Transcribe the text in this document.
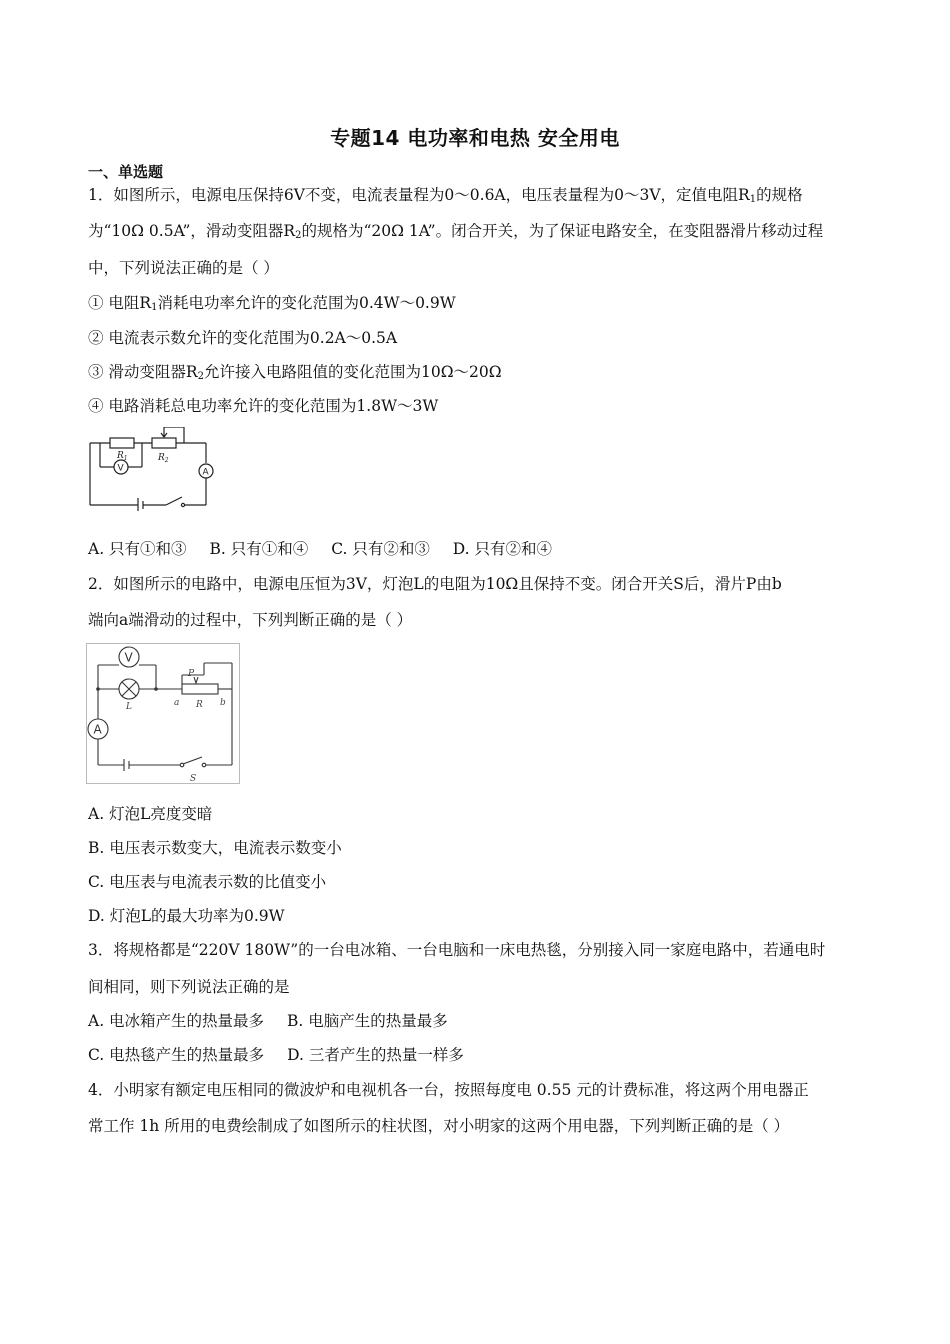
专题14 电功率和电热 安全用电
一、单选题
1．如图所示，电源电压保持6V不变，电流表量程为0～0.6A，电压表量程为0～3V，定值电阻$R_1$的规格
为“10Ω 0.5A”，滑动变阻器$R_2$的规格为“20Ω 1A”。闭合开关，为了保证电路安全，在变阻器滑片移动过程
中，下列说法正确的是（ ）
① 电阻$R_1$消耗电功率允许的变化范围为0.4W～0.9W
② 电流表示数允许的变化范围为0.2A～0.5A
③ 滑动变阻器$R_2$允许接入电路阻值的变化范围为10Ω～20Ω
④ 电路消耗总电功率允许的变化范围为1.8W～3W
$R_1$	$R_2$
V	A
A. 只有①和③ B. 只有①和④ C. 只有②和③ D. 只有②和④
2．如图所示的电路中，电源电压恒为3V，灯泡L的电阻为10Ω且保持不变。闭合开关S后，滑片P由b
端向a端滑动的过程中，下列判断正确的是（ ）
V
A
L
P
a R b
S
A. 灯泡L亮度变暗
B. 电压表示数变大，电流表示数变小
C. 电压表与电流表示数的比值变小
D. 灯泡L的最大功率为0.9W
3．将规格都是“220V 180W”的一台电冰箱、一台电脑和一床电热毯，分别接入同一家庭电路中，若通电时
间相同，则下列说法正确的是
A. 电冰箱产生的热量最多 B. 电脑产生的热量最多
C. 电热毯产生的热量最多 D. 三者产生的热量一样多
4．小明家有额定电压相同的微波炉和电视机各一台，按照每度电 0.55 元的计费标准，将这两个用电器正
常工作 1h 所用的电费绘制成了如图所示的柱状图，对小明家的这两个用电器，下列判断正确的是（ ）
